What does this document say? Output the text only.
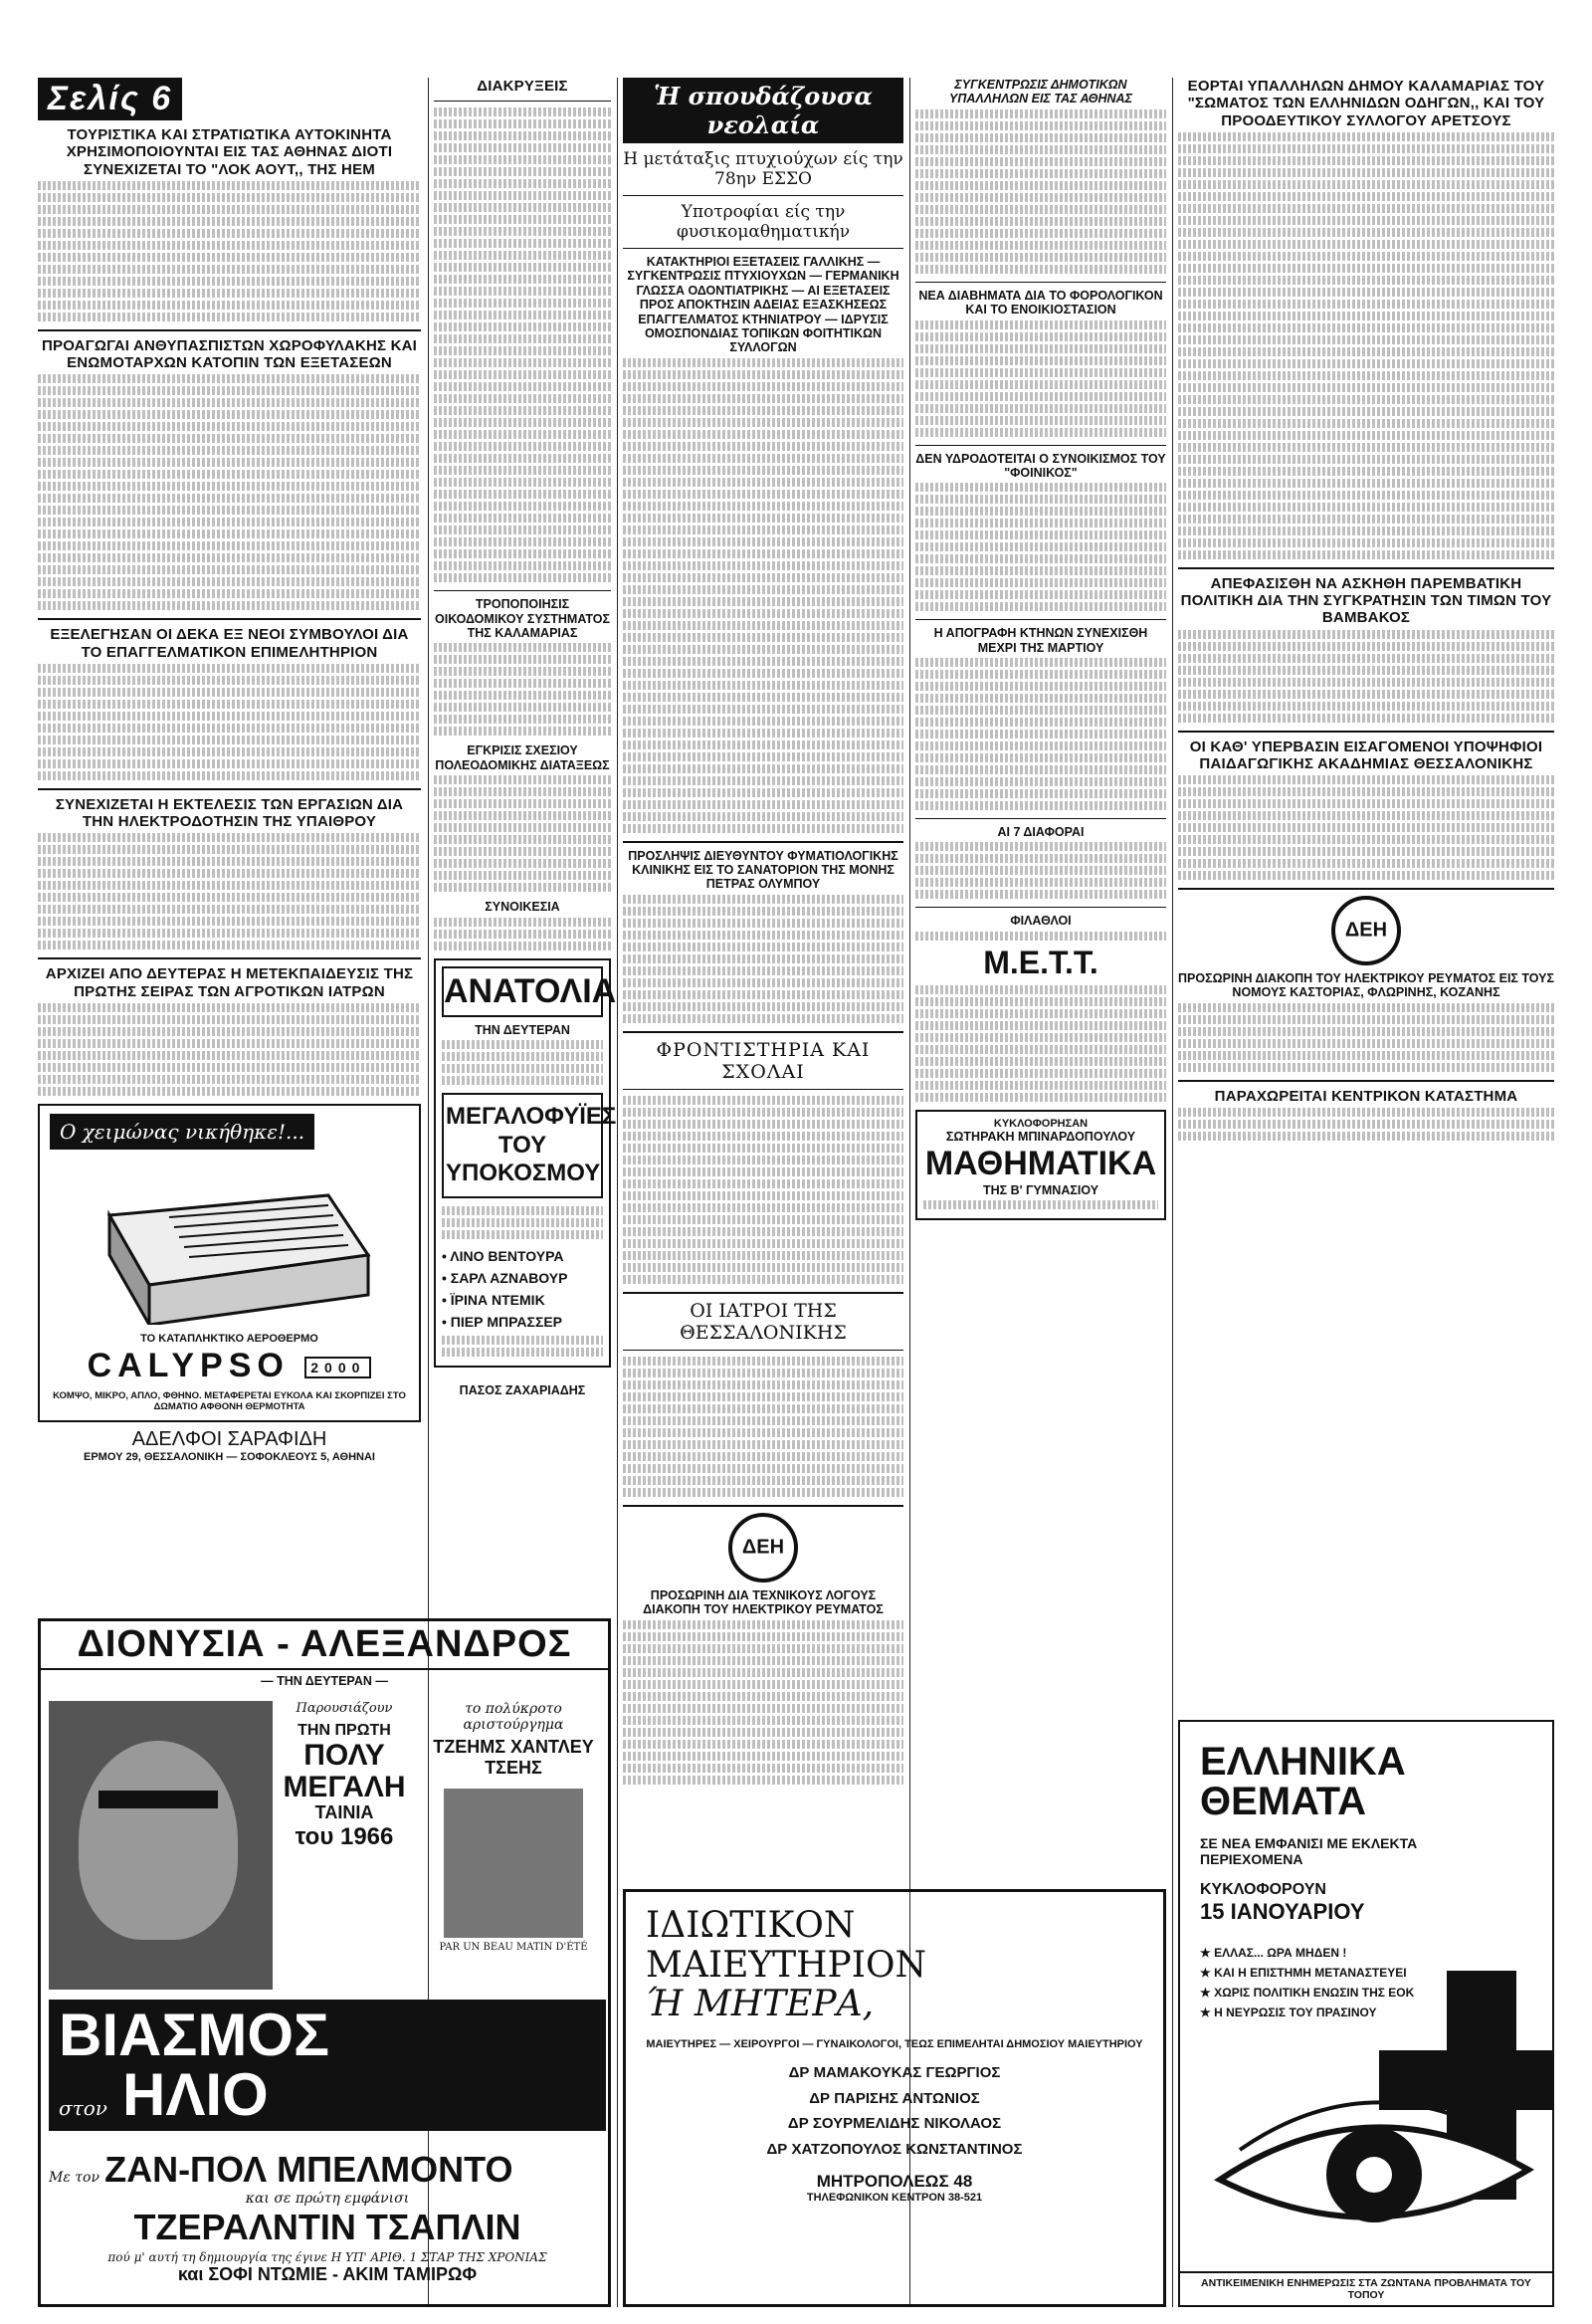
Σελίς 6
ΤΟΥΡΙΣΤΙΚΑ ΚΑΙ ΣΤΡΑΤΙΩΤΙΚΑ ΑΥΤΟΚΙΝΗΤΑ ΧΡΗΣΙΜΟΠΟΙΟΥΝΤΑΙ ΕΙΣ ΤΑΣ ΑΘΗΝΑΣ ΔΙΟΤΙ ΣΥΝΕΧΙΖΕΤΑΙ ΤΟ "ΛΟΚ ΑΟΥΤ,, ΤΗΣ ΗΕΜ
ΠΡΟΑΓΩΓΑΙ ΑΝΘΥΠΑΣΠΙΣΤΩΝ ΧΩΡΟΦΥΛΑΚΗΣ ΚΑΙ ΕΝΩΜΟΤΑΡΧΩΝ ΚΑΤΟΠΙΝ ΤΩΝ ΕΞΕΤΑΣΕΩΝ
ΕΞΕΛΕΓΗΣΑΝ ΟΙ ΔΕΚΑ ΕΞ ΝΕΟΙ ΣΥΜΒΟΥΛΟΙ ΔΙΑ ΤΟ ΕΠΑΓΓΕΛΜΑΤΙΚΟΝ ΕΠΙΜΕΛΗΤΗΡΙΟΝ
ΣΥΝΕΧΙΖΕΤΑΙ Η ΕΚΤΕΛΕΣΙΣ ΤΩΝ ΕΡΓΑΣΙΩΝ ΔΙΑ ΤΗΝ ΗΛΕΚΤΡΟΔΟΤΗΣΙΝ ΤΗΣ ΥΠΑΙΘΡΟΥ
ΑΡΧΙΖΕΙ ΑΠΟ ΔΕΥΤΕΡΑΣ Η ΜΕΤΕΚΠΑΙΔΕΥΣΙΣ ΤΗΣ ΠΡΩΤΗΣ ΣΕΙΡΑΣ ΤΩΝ ΑΓΡΟΤΙΚΩΝ ΙΑΤΡΩΝ
Ο χειμώνας νικήθηκε!...
ΤΟ ΚΑΤΑΠΛΗΚΤΙΚΟ ΑΕΡΟΘΕΡΜΟ
CALYPSO 2000
ΚΟΜΨΟ, ΜΙΚΡΟ, ΑΠΛΟ, ΦΘΗΝΟ. ΜΕΤΑΦΕΡΕΤΑΙ ΕΥΚΟΛΑ ΚΑΙ ΣΚΟΡΠΙΖΕΙ ΣΤΟ ΔΩΜΑΤΙΟ ΑΦΘΟΝΗ ΘΕΡΜΟΤΗΤΑ
ΑΔΕΛΦΟΙ ΣΑΡΑΦΙΔΗ
ΕΡΜΟΥ 29, ΘΕΣΣΑΛΟΝΙΚΗ — ΣΟΦΟΚΛΕΟΥΣ 5, ΑΘΗΝΑΙ
ΔΙΑΚΡΥΞΕΙΣ
ΤΡΟΠΟΠΟΙΗΣΙΣ ΟΙΚΟΔΟΜΙΚΟΥ ΣΥΣΤΗΜΑΤΟΣ ΤΗΣ ΚΑΛΑΜΑΡΙΑΣ
ΕΓΚΡΙΣΙΣ ΣΧΕΣΙΟΥ ΠΟΛΕΟΔΟΜΙΚΗΣ ΔΙΑΤΑΞΕΩΣ
ΣΥΝΟΙΚΕΣΙΑ
ΑΝΑΤΟΛΙΑ
ΤΗΝ ΔΕΥΤΕΡΑΝ
ΜΕΓΑΛΟΦΥΪΕΣ ΤΟΥ ΥΠΟΚΟΣΜΟΥ
• ΛΙΝΟ ΒΕΝΤΟΥΡΑ
• ΣΑΡΛ ΑΖΝΑΒΟΥΡ
• ΪΡΙΝΑ ΝΤΕΜΙΚ
• ΠΙΕΡ ΜΠΡΑΣΣΕΡ
ΠΑΣΟΣ ΖΑΧΑΡΙΑΔΗΣ
Ἡ σπουδάζουσα νεολαία
Η μετάταξις πτυχιούχων είς την 78ην ΕΣΣΟ
Υποτροφίαι είς την φυσικομαθηματικήν
ΚΑΤΑΚΤΗΡΙΟΙ ΕΞΕΤΑΣΕΙΣ ΓΑΛΛΙΚΗΣ — ΣΥΓΚΕΝΤΡΩΣΙΣ ΠΤΥΧΙΟΥΧΩΝ — ΓΕΡΜΑΝΙΚΗ ΓΛΩΣΣΑ ΟΔΟΝΤΙΑΤΡΙΚΗΣ — ΑΙ ΕΞΕΤΑΣΕΙΣ ΠΡΟΣ ΑΠΟΚΤΗΣΙΝ ΑΔΕΙΑΣ ΕΞΑΣΚΗΣΕΩΣ ΕΠΑΓΓΕΛΜΑΤΟΣ ΚΤΗΝΙΑΤΡΟΥ — ΙΔΡΥΣΙΣ ΟΜΟΣΠΟΝΔΙΑΣ ΤΟΠΙΚΩΝ ΦΟΙΤΗΤΙΚΩΝ ΣΥΛΛΟΓΩΝ
ΠΡΟΣΛΗΨΙΣ ΔΙΕΥΘΥΝΤΟΥ ΦΥΜΑΤΙΟΛΟΓΙΚΗΣ ΚΛΙΝΙΚΗΣ ΕΙΣ ΤΟ ΣΑΝΑΤΟΡΙΟΝ ΤΗΣ ΜΟΝΗΣ ΠΕΤΡΑΣ ΟΛΥΜΠΟΥ
ΦΡΟΝΤΙΣΤΗΡΙΑ ΚΑΙ ΣΧΟΛΑΙ
ΟΙ ΙΑΤΡΟΙ ΤΗΣ ΘΕΣΣΑΛΟΝΙΚΗΣ
ΔΕΗ
ΠΡΟΣΩΡΙΝΗ ΔΙΑ ΤΕΧΝΙΚΟΥΣ ΛΟΓΟΥΣ ΔΙΑΚΟΠΗ ΤΟΥ ΗΛΕΚΤΡΙΚΟΥ ΡΕΥΜΑΤΟΣ
ΣΥΓΚΕΝΤΡΩΣΙΣ ΔΗΜΟΤΙΚΩΝ ΥΠΑΛΛΗΛΩΝ ΕΙΣ ΤΑΣ ΑΘΗΝΑΣ
ΝΕΑ ΔΙΑΒΗΜΑΤΑ ΔΙΑ ΤΟ ΦΟΡΟΛΟΓΙΚΟΝ ΚΑΙ ΤΟ ΕΝΟΙΚΙΟΣΤΑΣΙΟΝ
ΔΕΝ ΥΔΡΟΔΟΤΕΙΤΑΙ Ο ΣΥΝΟΙΚΙΣΜΟΣ ΤΟΥ "ΦΟΙΝΙΚΟΣ"
Η ΑΠΟΓΡΑΦΗ ΚΤΗΝΩΝ ΣΥΝΕΧΙΣΘΗ ΜΕΧΡΙ ΤΗΣ ΜΑΡΤΙΟΥ
ΑΙ 7 ΔΙΑΦΟΡΑΙ
ΦΙΛΑΘΛΟΙ
Μ.Ε.Τ.Τ.
ΚΥΚΛΟΦΟΡΗΣΑΝ
ΣΩΤΗΡΑΚΗ ΜΠΙΝΑΡΔΟΠΟΥΛΟΥ
ΜΑΘΗΜΑΤΙΚΑ
ΤΗΣ Β' ΓΥΜΝΑΣΙΟΥ
ΕΟΡΤΑΙ ΥΠΑΛΛΗΛΩΝ ΔΗΜΟΥ ΚΑΛΑΜΑΡΙΑΣ ΤΟΥ "ΣΩΜΑΤΟΣ ΤΩΝ ΕΛΛΗΝΙΔΩΝ ΟΔΗΓΩΝ,, ΚΑΙ ΤΟΥ ΠΡΟΟΔΕΥΤΙΚΟΥ ΣΥΛΛΟΓΟΥ ΑΡΕΤΣΟΥΣ
ΑΠΕΦΑΣΙΣΘΗ ΝΑ ΑΣΚΗΘΗ ΠΑΡΕΜΒΑΤΙΚΗ ΠΟΛΙΤΙΚΗ ΔΙΑ ΤΗΝ ΣΥΓΚΡΑΤΗΣΙΝ ΤΩΝ ΤΙΜΩΝ ΤΟΥ ΒΑΜΒΑΚΟΣ
ΟΙ ΚΑΘ' ΥΠΕΡΒΑΣΙΝ ΕΙΣΑΓΟΜΕΝΟΙ ΥΠΟΨΗΦΙΟΙ ΠΑΙΔΑΓΩΓΙΚΗΣ ΑΚΑΔΗΜΙΑΣ ΘΕΣΣΑΛΟΝΙΚΗΣ
ΔΕΗ
ΠΡΟΣΩΡΙΝΗ ΔΙΑΚΟΠΗ ΤΟΥ ΗΛΕΚΤΡΙΚΟΥ ΡΕΥΜΑΤΟΣ ΕΙΣ ΤΟΥΣ ΝΟΜΟΥΣ ΚΑΣΤΟΡΙΑΣ, ΦΛΩΡΙΝΗΣ, ΚΟΖΑΝΗΣ
ΠΑΡΑΧΩΡΕΙΤΑΙ ΚΕΝΤΡΙΚΟΝ ΚΑΤΑΣΤΗΜΑ
ΔΙΟΝΥΣΙΑ - ΑΛΕΞΑΝΔΡΟΣ
— ΤΗΝ ΔΕΥΤΕΡΑΝ —
Παρουσιάζουν
ΤΗΝ ΠΡΩΤΗ
ΠΟΛΥ ΜΕΓΑΛΗ
ΤΑΙΝΙΑ
του 1966
το πολύκροτο αριστούργημα
ΤΖΕΗΜΣ ΧΑΝΤΛΕΥ ΤΣΕΗΣ
PAR UN BEAU MATIN D'ÉTÉ
ΒΙΑΣΜΟΣ
στον ΗΛΙΟ
Με τον ΖΑΝ-ΠΟΛ ΜΠΕΛΜΟΝΤΟ
και σε πρώτη εμφάνισι
ΤΖΕΡΑΛΝΤΙΝ ΤΣΑΠΛΙΝ
πού μ' αυτή τη δημιουργία της έγινε Η ΥΠ' ΑΡΙΘ. 1 ΣΤΑΡ ΤΗΣ ΧΡΟΝΙΑΣ
και ΣΟΦΙ ΝΤΩΜΙΕ - ΑΚΙΜ ΤΑΜΙΡΩΦ
ΙΔΙΩΤΙΚΟΝ
ΜΑΙΕΥΤΗΡΙΟΝ
Ή ΜΗΤΕΡΑ,
ΜΑΙΕΥΤΗΡΕΣ — ΧΕΙΡΟΥΡΓΟΙ — ΓΥΝΑΙΚΟΛΟΓΟΙ, ΤΕΩΣ ΕΠΙΜΕΛΗΤΑΙ ΔΗΜΟΣΙΟΥ ΜΑΙΕΥΤΗΡΙΟΥ
ΔΡ ΜΑΜΑΚΟΥΚΑΣ ΓΕΩΡΓΙΟΣ
ΔΡ ΠΑΡΙΣΗΣ ΑΝΤΩΝΙΟΣ
ΔΡ ΣΟΥΡΜΕΛΙΔΗΣ ΝΙΚΟΛΑΟΣ
ΔΡ ΧΑΤΖΟΠΟΥΛΟΣ ΚΩΝΣΤΑΝΤΙΝΟΣ
ΜΗΤΡΟΠΟΛΕΩΣ 48
ΤΗΛΕΦΩΝΙΚΟΝ ΚΕΝΤΡΟΝ 38-521
ΕΛΛΗΝΙΚΑ
ΘΕΜΑΤΑ
ΣΕ ΝΕΑ ΕΜΦΑΝΙΣΙ ΜΕ ΕΚΛΕΚΤΑ ΠΕΡΙΕΧΟΜΕΝΑ
ΚΥΚΛΟΦΟΡΟΥΝ
15 ΙΑΝΟΥΑΡΙΟΥ
★ ΕΛΛΑΣ... ΩΡΑ ΜΗΔΕΝ !
★ ΚΑΙ Η ΕΠΙΣΤΗΜΗ ΜΕΤΑΝΑΣΤΕΥΕΙ
★ ΧΩΡΙΣ ΠΟΛΙΤΙΚΗ ΕΝΩΣΙΝ ΤΗΣ ΕΟΚ
★ Η ΝΕΥΡΩΣΙΣ ΤΟΥ ΠΡΑΣΙΝΟΥ
ΑΝΤΙΚΕΙΜΕΝΙΚΗ ΕΝΗΜΕΡΩΣΙΣ ΣΤΑ ΖΩΝΤΑΝΑ ΠΡΟΒΛΗΜΑΤΑ ΤΟΥ ΤΟΠΟΥ
